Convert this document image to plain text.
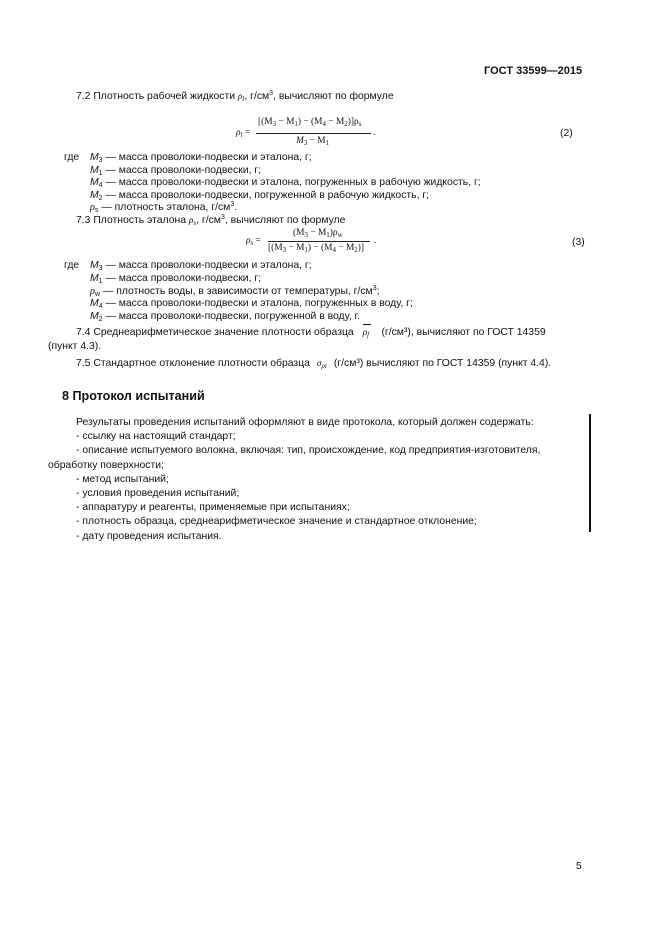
ГОСТ 33599—2015
7.2 Плотность рабочей жидкости $\rho_l$, $г/см^3$, вычисляют по формуле
$\rho_l$ =
$[(M_3 - M_1) - (M_4 - M_2)]\rho_s$
$M_3 - M_1$
.	(2)
где $M_3$ — масса проволоки-подвески и эталона, г;
$M_1$ — масса проволоки-подвески, г;
$M_4$ — масса проволоки-подвески и эталона, погруженных в рабочую жидкость, г;
$M_2$ — масса проволоки-подвески, погруженной в рабочую жидкость, г;
$\rho_s$ — плотность эталона, $г/см^3$.
7.3 Плотность эталона $\rho_s$, $г/см^3$, вычисляют по формуле
$\rho_s$ =
$(M_3 - M_1)\rho_w$
$[(M_3 - M_1) - (M_4 - M_2)]$
.	(3)
где $M_3$ — масса проволоки-подвески и эталона, г;
$M_1$ — масса проволоки-подвески, г;
$\rho_w$ — плотность воды, в зависимости от температуры, $г/см^3$;
$M_4$ — масса проволоки-подвески и эталона, погруженных в воду, г;
$M_2$ — масса проволоки-подвески, погруженной в воду, г.
7.4 Среднеарифметическое значение плотности образца $\rho_f$ (г/см³), вычисляют по ГОСТ 14359
(пункт 4.3).
7.5 Стандартное отклонение плотности образца $\sigma_{\rho f}$ (г/см³) вычисляют по ГОСТ 14359 (пункт 4.4).
8 Протокол испытаний
Результаты проведения испытаний оформляют в виде протокола, который должен содержать:
- ссылку на настоящий стандарт;
- описание испытуемого волокна, включая: тип, происхождение, код предприятия-изготовителя,
обработку поверхности;
- метод испытаний;
- условия проведения испытаний;
- аппаратуру и реагенты, применяемые при испытаниях;
- плотность образца, среднеарифметическое значение и стандартное отклонение;
- дату проведения испытания.
5
